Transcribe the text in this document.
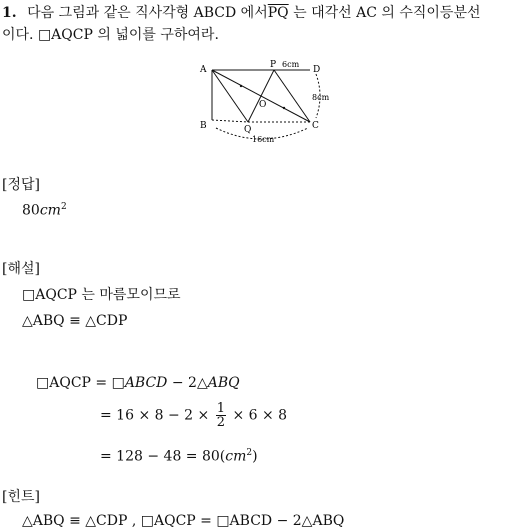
1. 다음 그림과 같은 직사각형 ABCD 에서$\overline{PQ}$ 는 대각선 AC 의 수직이등분선
이다. □AQCP 의 넓이를 구하여라.
A
B	C
D
P
Q
O
6cm
8cm
16cm
[정답]
$80cm^2$
[해설]
□AQCP 는 마름모이므로
△ABQ ≡ △CDP
□AQCP = □ABCD − 2△ABQ
= $16 \times 8 - 2 \times \frac{1}{2} \times 6 \times 8$
= $128 - 48 = 80(cm^2)$
[힌트]
△ABQ ≡ △CDP , □AQCP = □ABCD − 2△ABQ
